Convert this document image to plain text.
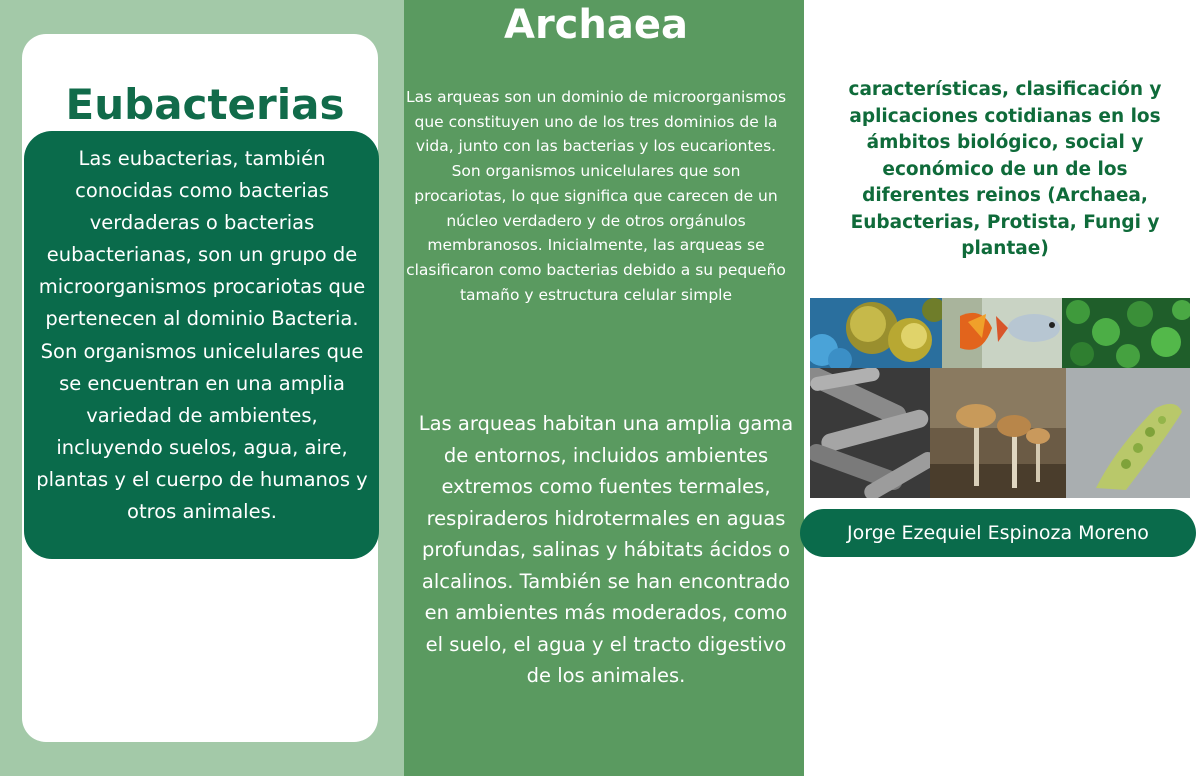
Eubacterias
Las eubacterias, también conocidas como bacterias verdaderas o bacterias eubacterianas, son un grupo de microorganismos procariotas que pertenecen al dominio Bacteria. Son organismos unicelulares que se encuentran en una amplia variedad de ambientes, incluyendo suelos, agua, aire, plantas y el cuerpo de humanos y otros animales.
Archaea
Las arqueas son un dominio de microorganismos que constituyen uno de los tres dominios de la vida, junto con las bacterias y los eucariontes. Son organismos unicelulares que son procariotas, lo que significa que carecen de un núcleo verdadero y de otros orgánulos membranosos. Inicialmente, las arqueas se clasificaron como bacterias debido a su pequeño tamaño y estructura celular simple
Las arqueas habitan una amplia gama de entornos, incluidos ambientes extremos como fuentes termales, respiraderos hidrotermales en aguas profundas, salinas y hábitats ácidos o alcalinos. También se han encontrado en ambientes más moderados, como el suelo, el agua y el tracto digestivo de los animales.
características, clasificación y aplicaciones cotidianas en los ámbitos biológico, social y económico de un de los diferentes reinos (Archaea, Eubacterias, Protista, Fungi y plantae)
Jorge Ezequiel Espinoza Moreno
